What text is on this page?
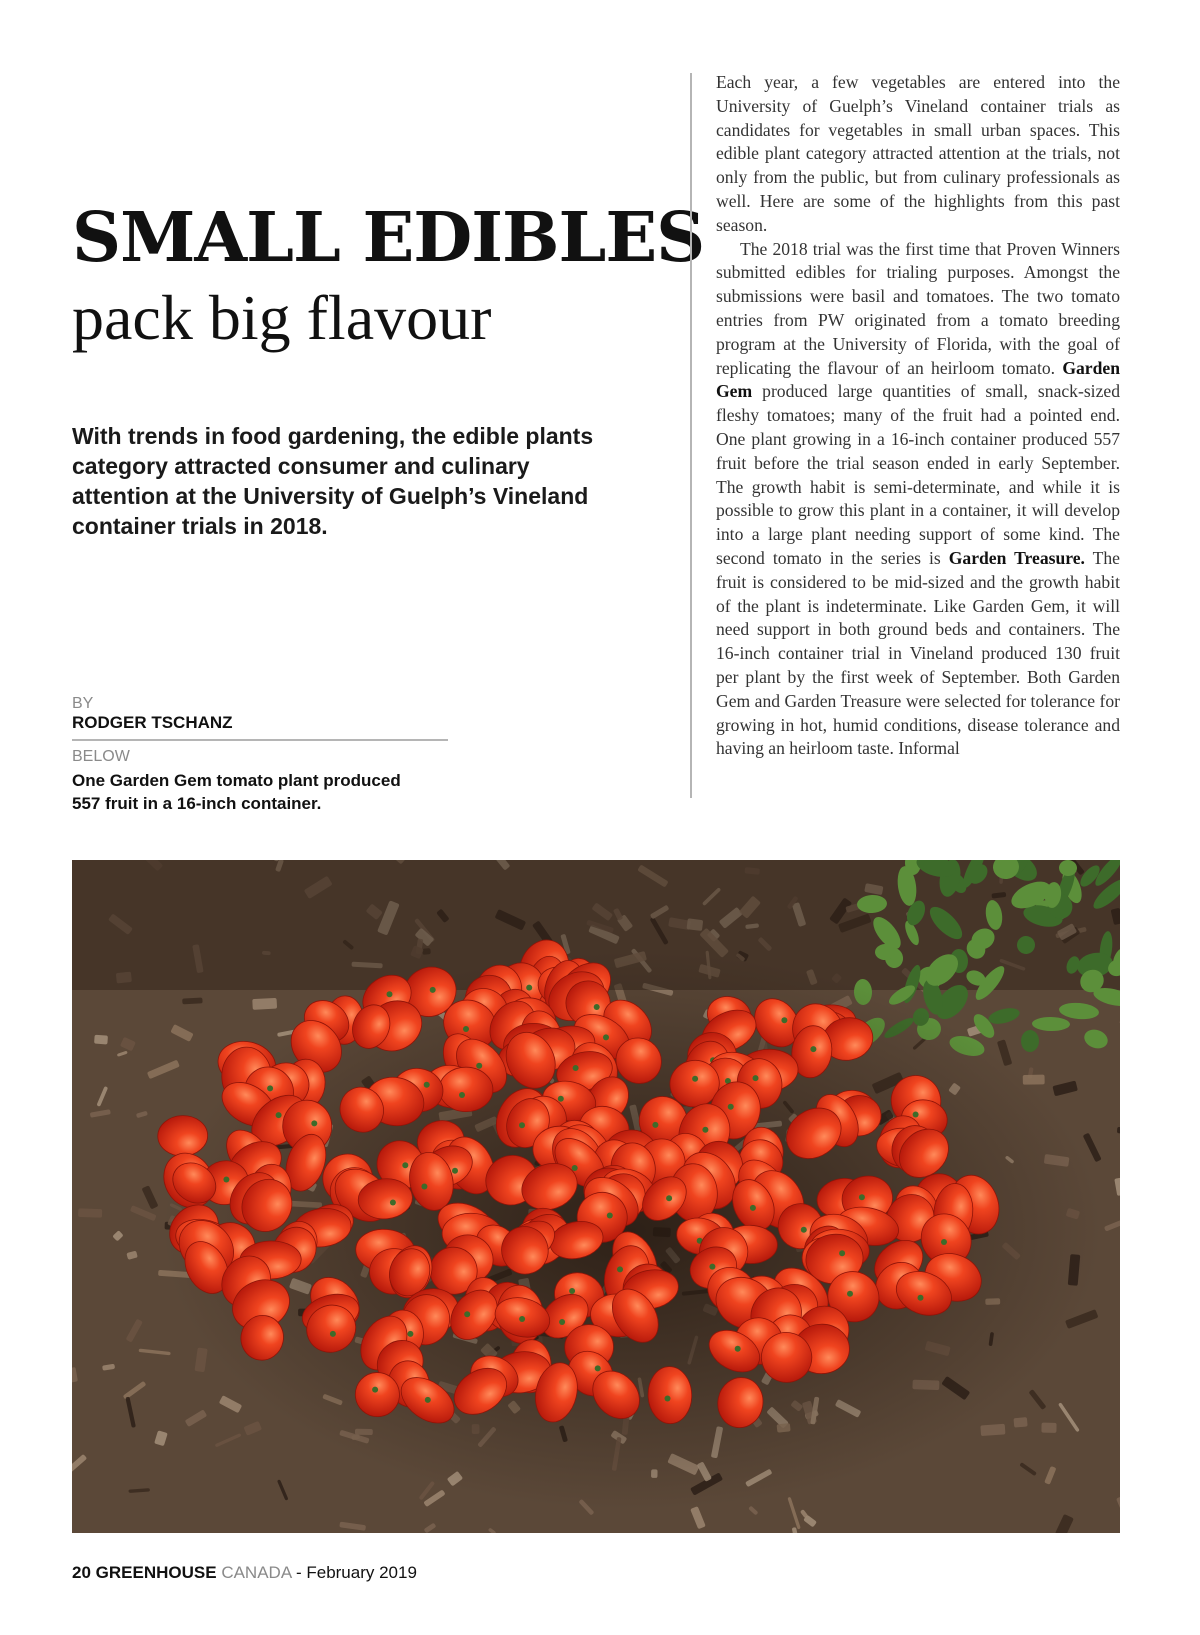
SMALL EDIBLES
pack big flavour

With trends in food gardening, the edible plants category attracted consumer and culinary attention at the University of Guelph’s Vineland container trials in 2018.

BY
RODGER TSCHANZ
BELOW

One Garden Gem tomato plant produced 557 fruit in a 16-inch container.

Each year, a few vegetables are entered into the University of Guelph’s Vineland container trials as candidates for vegetables in small urban spaces. This edible plant category attracted attention at the trials, not only from the public, but from culinary professionals as well. Here are some of the highlights from this past season.

The 2018 trial was the first time that Proven Winners submitted edibles for trialing purposes. Amongst the submissions were basil and tomatoes. The two tomato entries from PW originated from a tomato breeding program at the University of Florida, with the goal of replicating the flavour of an heirloom tomato. Garden Gem produced large quantities of small, snack-sized fleshy tomatoes; many of the fruit had a pointed end. One plant growing in a 16-inch container produced 557 fruit before the trial season ended in early September. The growth habit is semi-determinate, and while it is possible to grow this plant in a container, it will develop into a large plant needing support of some kind. The second tomato in the series is Garden Treasure. The fruit is considered to be mid-sized and the growth habit of the plant is indeterminate. Like Garden Gem, it will need support in both ground beds and containers. The 16-inch container trial in Vineland produced 130 fruit per plant by the first week of September. Both Garden Gem and Garden Treasure were selected for tolerance for growing in hot, humid conditions, disease tolerance and having an heirloom taste. Informal

20 GREENHOUSE CANADA - February 2019
